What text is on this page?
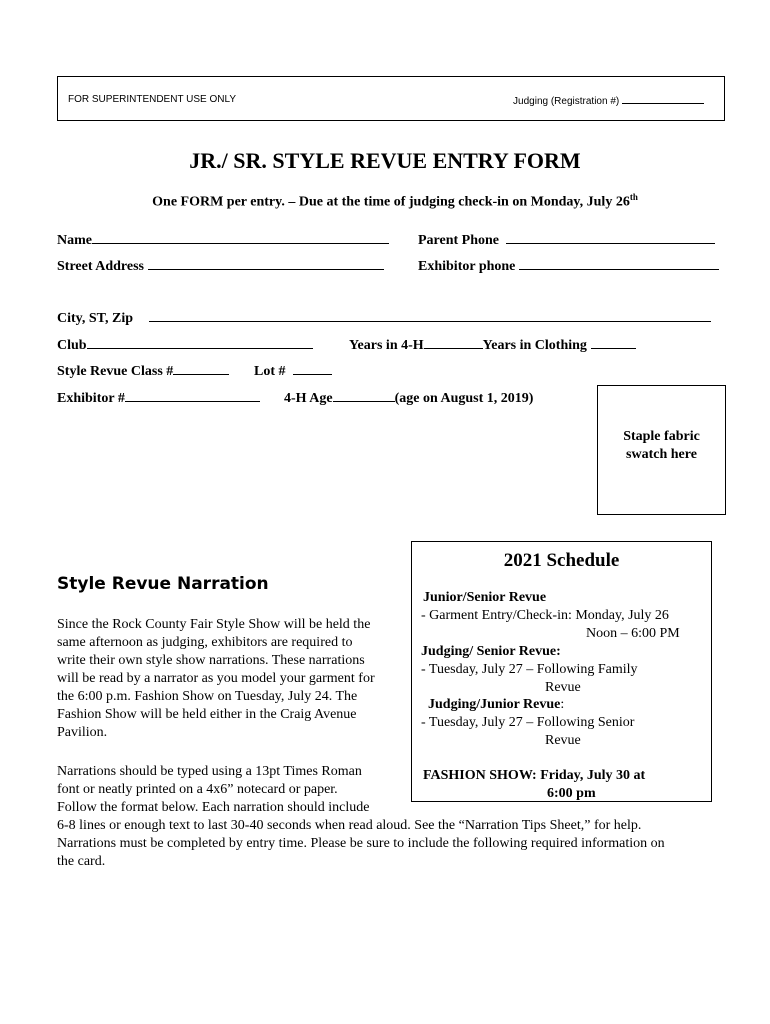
FOR SUPERINTENDENT USE ONLY	Judging (Registration #)
JR./ SR. STYLE REVUE ENTRY FORM
One FORM per entry. – Due at the time of judging check-in on Monday, July 26th
Name	Parent Phone
Street Address	Exhibitor phone
City, ST, Zip
Club	Years in 4-H	Years in Clothing
Style Revue Class #	Lot #
Exhibitor #	4-H Age	(age on August 1, 2019)
Staple fabric
swatch here
2021 Schedule
Junior/Senior Revue
- Garment Entry/Check-in: Monday, July 26
Noon – 6:00 PM
Judging/ Senior Revue:
- Tuesday, July 27 – Following Family
Revue
Judging/Junior Revue:
- Tuesday, July 27 – Following Senior
Revue
FASHION SHOW: Friday, July 30 at
6:00 pm
Style Revue Narration
Since the Rock County Fair Style Show will be held the
same afternoon as judging, exhibitors are required to
write their own style show narrations. These narrations
will be read by a narrator as you model your garment for
the 6:00 p.m. Fashion Show on Tuesday, July 24. The
Fashion Show will be held either in the Craig Avenue
Pavilion.
Narrations should be typed using a 13pt Times Roman
font or neatly printed on a 4x6” notecard or paper.
Follow the format below. Each narration should include
6-8 lines or enough text to last 30-40 seconds when read aloud. See the “Narration Tips Sheet,” for help.
Narrations must be completed by entry time. Please be sure to include the following required information on
the card.
